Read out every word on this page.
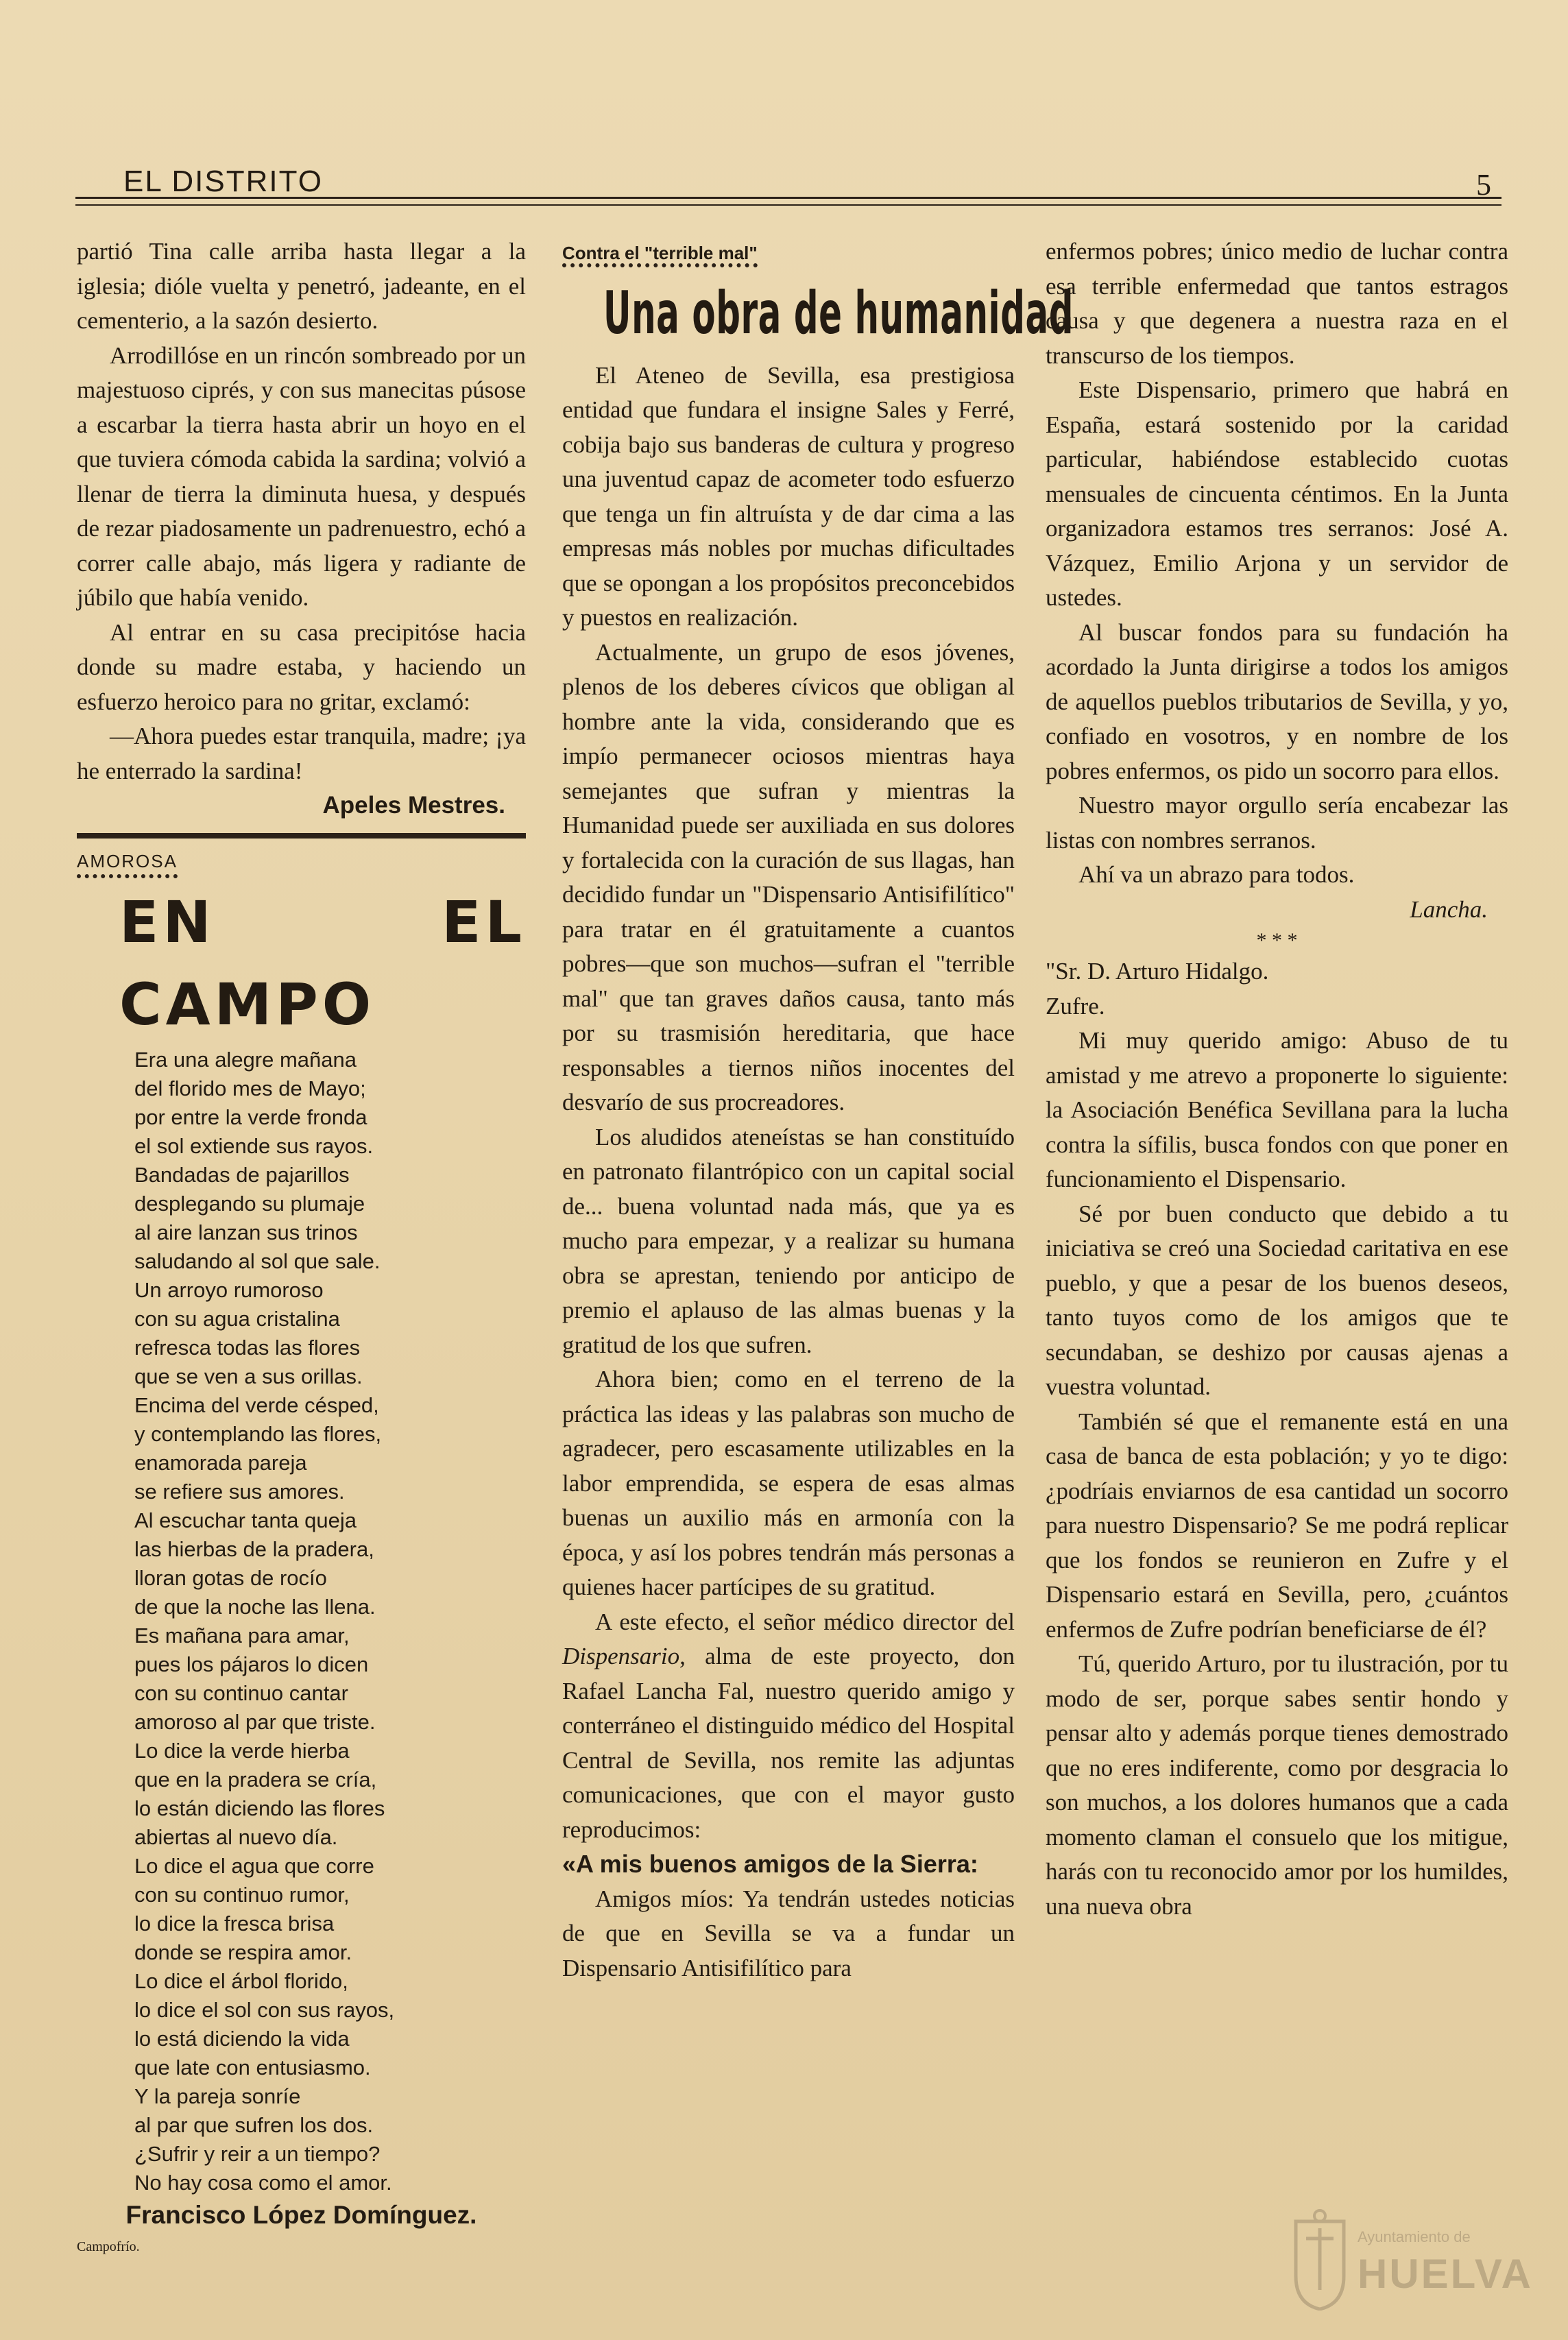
EL DISTRITO	5

partió Tina calle arriba hasta llegar a la iglesia; dióle vuelta y penetró, jadeante, en el cementerio, a la sazón desierto.

Arrodillóse en un rincón sombreado por un majestuoso ciprés, y con sus manecitas púsose a escarbar la tierra hasta abrir un hoyo en el que tuviera cómoda cabida la sardina; volvió a llenar de tierra la diminuta huesa, y después de rezar piadosamente un padrenuestro, echó a correr calle abajo, más ligera y radiante de júbilo que había venido.

Al entrar en su casa precipitóse hacia donde su madre estaba, y haciendo un esfuerzo heroico para no gritar, exclamó:

—Ahora puedes estar tranquila, madre; ¡ya he enterrado la sardina!

Apeles Mestres.

AMOROSA
EN EL CAMPO
Era una alegre mañana
del florido mes de Mayo;
por entre la verde fronda
el sol extiende sus rayos.
Bandadas de pajarillos
desplegando su plumaje
al aire lanzan sus trinos
saludando al sol que sale.
Un arroyo rumoroso
con su agua cristalina
refresca todas las flores
que se ven a sus orillas.
Encima del verde césped,
y contemplando las flores,
enamorada pareja
se refiere sus amores.
Al escuchar tanta queja
las hierbas de la pradera,
lloran gotas de rocío
de que la noche las llena.
Es mañana para amar,
pues los pájaros lo dicen
con su continuo cantar
amoroso al par que triste.
Lo dice la verde hierba
que en la pradera se cría,
lo están diciendo las flores
abiertas al nuevo día.
Lo dice el agua que corre
con su continuo rumor,
lo dice la fresca brisa
donde se respira amor.
Lo dice el árbol florido,
lo dice el sol con sus rayos,
lo está diciendo la vida
que late con entusiasmo.
Y la pareja sonríe
al par que sufren los dos.
¿Sufrir y reir a un tiempo?
No hay cosa como el amor.
Francisco López Domínguez.
Campofrío.
Contra el "terrible mal"
Una obra de humanidad

El Ateneo de Sevilla, esa prestigiosa entidad que fundara el insigne Sales y Ferré, cobija bajo sus banderas de cultura y progreso una juventud capaz de acometer todo esfuerzo que tenga un fin altruísta y de dar cima a las empresas más nobles por muchas dificultades que se opongan a los propósitos preconcebidos y puestos en realización.

Actualmente, un grupo de esos jóvenes, plenos de los deberes cívicos que obligan al hombre ante la vida, considerando que es impío permanecer ociosos mientras haya semejantes que sufran y mientras la Humanidad puede ser auxiliada en sus dolores y fortalecida con la curación de sus llagas, han decidido fundar un "Dispensario Antisifilítico" para tratar en él gratuitamente a cuantos pobres—que son muchos—sufran el "terrible mal" que tan graves daños causa, tanto más por su trasmisión hereditaria, que hace responsables a tiernos niños inocentes del desvarío de sus procreadores.

Los aludidos ateneístas se han constituído en patronato filantrópico con un capital social de... buena voluntad nada más, que ya es mucho para empezar, y a realizar su humana obra se aprestan, teniendo por anticipo de premio el aplauso de las almas buenas y la gratitud de los que sufren.

Ahora bien; como en el terreno de la práctica las ideas y las palabras son mucho de agradecer, pero escasamente utilizables en la labor emprendida, se espera de esas almas buenas un auxilio más en armonía con la época, y así los pobres tendrán más personas a quienes hacer partícipes de su gratitud.

A este efecto, el señor médico director del Dispensario, alma de este proyecto, don Rafael Lancha Fal, nuestro querido amigo y conterráneo el distinguido médico del Hospital Central de Sevilla, nos remite las adjuntas comunicaciones, que con el mayor gusto reproducimos:

«A mis buenos amigos de la Sierra:

Amigos míos: Ya tendrán ustedes noticias de que en Sevilla se va a fundar un Dispensario Antisifilítico para

enfermos pobres; único medio de luchar contra esa terrible enfermedad que tantos estragos causa y que degenera a nuestra raza en el transcurso de los tiempos.

Este Dispensario, primero que habrá en España, estará sostenido por la caridad particular, habiéndose establecido cuotas mensuales de cincuenta céntimos. En la Junta organizadora estamos tres serranos: José A. Vázquez, Emilio Arjona y un servidor de ustedes.

Al buscar fondos para su fundación ha acordado la Junta dirigirse a todos los amigos de aquellos pueblos tributarios de Sevilla, y yo, confiado en vosotros, y en nombre de los pobres enfermos, os pido un socorro para ellos.

Nuestro mayor orgullo sería encabezar las listas con nombres serranos.

Ahí va un abrazo para todos.

Lancha.

* * *

"Sr. D. Arturo Hidalgo.

Zufre.

Mi muy querido amigo: Abuso de tu amistad y me atrevo a proponerte lo siguiente: la Asociación Benéfica Sevillana para la lucha contra la sífilis, busca fondos con que poner en funcionamiento el Dispensario.

Sé por buen conducto que debido a tu iniciativa se creó una Sociedad caritativa en ese pueblo, y que a pesar de los buenos deseos, tanto tuyos como de los amigos que te secundaban, se deshizo por causas ajenas a vuestra voluntad.

También sé que el remanente está en una casa de banca de esta población; y yo te digo: ¿podríais enviarnos de esa cantidad un socorro para nuestro Dispensario? Se me podrá replicar que los fondos se reunieron en Zufre y el Dispensario estará en Sevilla, pero, ¿cuántos enfermos de Zufre podrían beneficiarse de él?

Tú, querido Arturo, por tu ilustración, por tu modo de ser, porque sabes sentir hondo y pensar alto y además porque tienes demostrado que no eres indiferente, como por desgracia lo son muchos, a los dolores humanos que a cada momento claman el consuelo que los mitigue, harás con tu reconocido amor por los humildes, una nueva obra

Ayuntamiento de
HUELVA
